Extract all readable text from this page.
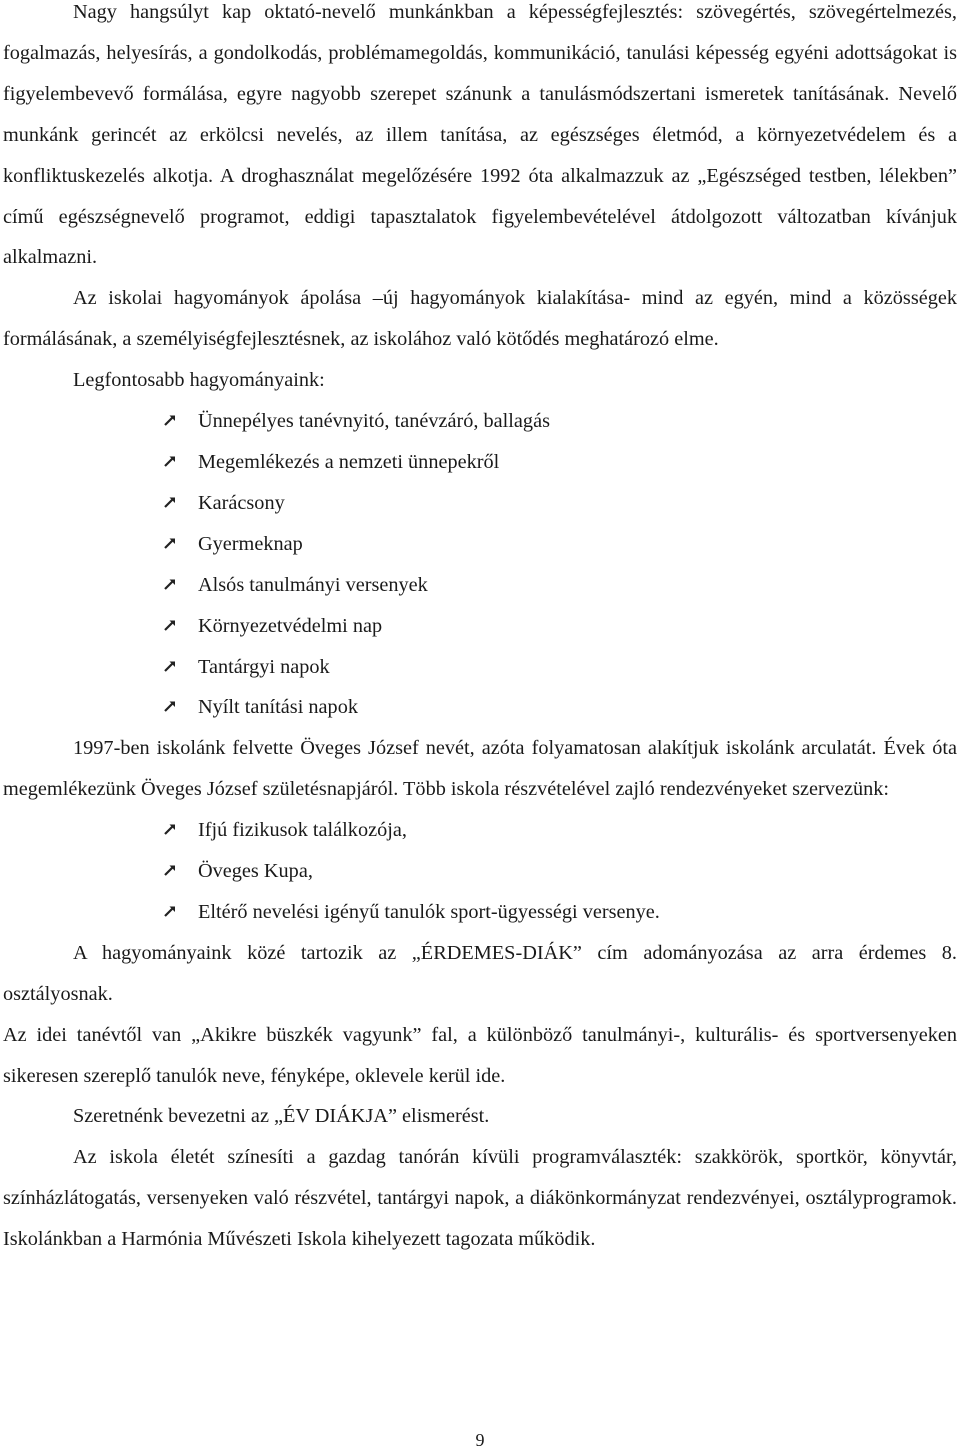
Nagy hangsúlyt kap oktató-nevelő munkánkban a képességfejlesztés: szövegértés, szövegértelmezés, fogalmazás, helyesírás, a gondolkodás, problémamegoldás, kommunikáció, tanulási képesség egyéni adottságokat is figyelembevevő formálása, egyre nagyobb szerepet szánunk a tanulásmódszertani ismeretek tanításának. Nevelő munkánk gerincét az erkölcsi nevelés, az illem tanítása, az egészséges életmód, a környezetvédelem és a konfliktuskezelés alkotja. A droghasználat megelőzésére 1992 óta alkalmazzuk az „Egészséged testben, lélekben” című egészségnevelő programot, eddigi tapasztalatok figyelembevételével átdolgozott változatban kívánjuk alkalmazni.

Az iskolai hagyományok ápolása –új hagyományok kialakítása- mind az egyén, mind a közösségek formálásának, a személyiségfejlesztésnek, az iskolához való kötődés meghatározó elme.

Legfontosabb hagyományaink:

Ünnepélyes tanévnyitó, tanévzáró, ballagás
Megemlékezés a nemzeti ünnepekről
Karácsony
Gyermeknap
Alsós tanulmányi versenyek
Környezetvédelmi nap
Tantárgyi napok
Nyílt tanítási napok

1997-ben iskolánk felvette Öveges József nevét, azóta folyamatosan alakítjuk iskolánk arculatát. Évek óta megemlékezünk Öveges József születésnapjáról. Több iskola részvételével zajló rendezvényeket szervezünk:

Ifjú fizikusok találkozója,
Öveges Kupa,
Eltérő nevelési igényű tanulók sport-ügyességi versenye.

A hagyományaink közé tartozik az „ÉRDEMES-DIÁK” cím adományozása az arra érdemes 8. osztályosnak.

Az idei tanévtől van „Akikre büszkék vagyunk” fal, a különböző tanulmányi-, kulturális- és sportversenyeken sikeresen szereplő tanulók neve, fényképe, oklevele kerül ide.

Szeretnénk bevezetni az „ÉV DIÁKJA” elismerést.

Az iskola életét színesíti a gazdag tanórán kívüli programválaszték: szakkörök, sportkör, könyvtár, színházlátogatás, versenyeken való részvétel, tantárgyi napok, a diákönkormányzat rendezvényei, osztályprogramok. Iskolánkban a Harmónia Művészeti Iskola kihelyezett tagozata működik.

9
